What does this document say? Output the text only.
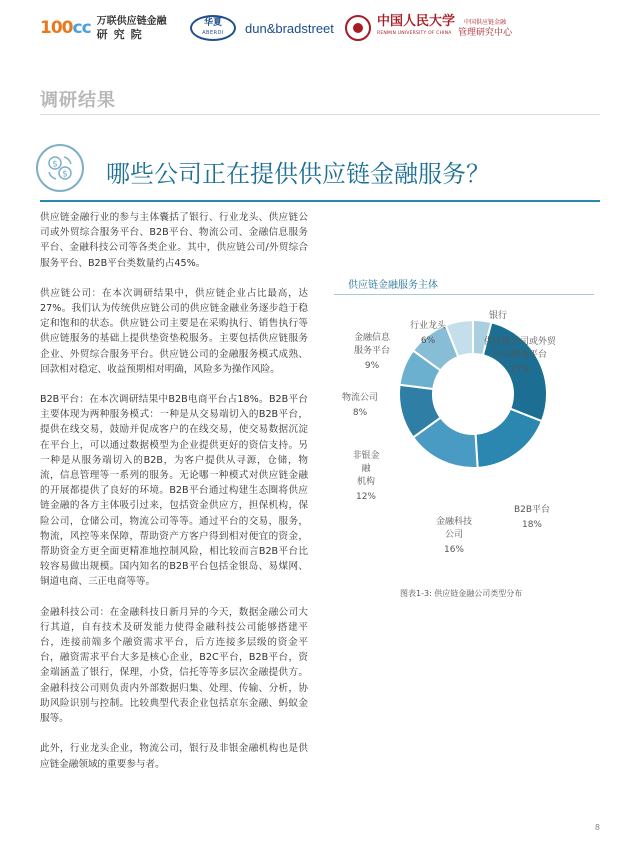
100cc 万联供应链金融
研究院
华夏
ABERDI dun&bradstreet	中国人民大学
RENMIN UNIVERSITY OF CHINA
中国供应链金融
管理研究中心
调研结果
$
$ 哪些公司正在提供供应链金融服务？

供应链金融行业的参与主体囊括了银行、行业龙头、供应链公司或外贸综合服务平台、B2B平台、物流公司、金融信息服务平台、金融科技公司等各类企业。其中，供应链公司/外贸综合服务平台、B2B平台类数量约占45%。

供应链公司：在本次调研结果中，供应链企业占比最高，达27%。我们认为传统供应链公司的供应链金融业务逐步趋于稳定和饱和的状态。供应链公司主要是在采购执行、销售执行等供应链服务的基础上提供垫资垫税服务。主要包括供应链服务企业、外贸综合服务平台。供应链公司的金融服务模式成熟、回款相对稳定、收益预期相对明确，风险多为操作风险。

B2B平台：在本次调研结果中B2B电商平台占18%。B2B平台主要体现为两种服务模式：一种是从交易端切入的B2B平台，提供在线交易，鼓励并促成客户的在线交易，使交易数据沉淀在平台上，可以通过数据模型为企业提供更好的资信支持。另一种是从服务端切入的B2B，为客户提供从寻源，仓储，物流，信息管理等一系列的服务。无论哪一种模式对供应链金融的开展都提供了良好的环境。B2B平台通过构建生态圈将供应链金融的各方主体吸引过来，包括资金供应方，担保机构，保险公司，仓储公司，物流公司等等。通过平台的交易，服务，物流，风控等来保障，帮助资产方客户得到相对便宜的资金，帮助资金方更全面更精准地控制风险，相比较而言B2B平台比较容易做出规模。国内知名的B2B平台包括金银岛、易煤网、铜道电商、三正电商等等。

金融科技公司：在金融科技日新月异的今天，数据金融公司大行其道，自有技术及研发能力使得金融科技公司能够搭建平台，连接前端多个融资需求平台，后方连接多层级的资金平台，融资需求平台大多是核心企业，B2C平台，B2B平台，资金端涵盖了银行，保理，小贷，信托等等多层次金融提供方。金融科技公司则负责内外部数据归集、处理、传输、分析，协助风险识别与控制。比较典型代表企业包括京东金融、蚂蚁金服等。

此外，行业龙头企业，物流公司，银行及非银金融机构也是供应链金融领域的重要参与者。

供应链金融服务主体
银行
供应链公司或外贸综合服务平台
27%
B2B平台
18%
金融科技公司
16%
非银金融机构
12%
物流公司
8%
金融信息服务平台
9%
行业龙头
6%
图表1-3: 供应链金融公司类型分布
8
